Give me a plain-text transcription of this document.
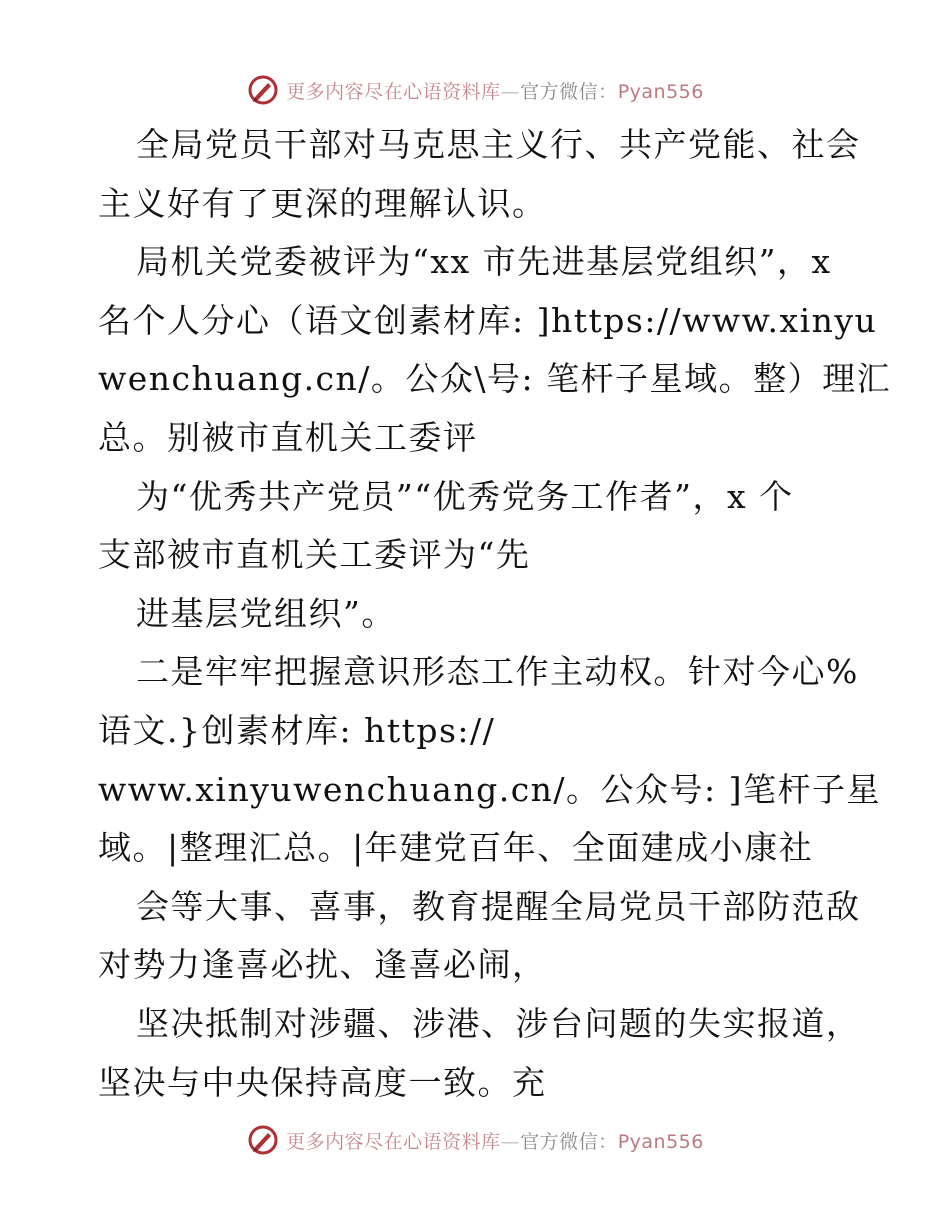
更多内容尽在心语资料库—官方微信：Pyan556
全局党员干部对马克思主义行、共产党能、社会
主义好有了更深的理解认识。
局机关党委被评为“xx 市先进基层党组织”，x
名个人分心（语文创素材库: ]https://www.xinyu
wenchuang.cn/。公众\号: 笔杆子星域。整）理汇
总。别被市直机关工委评
为“优秀共产党员”“优秀党务工作者”，x 个
支部被市直机关工委评为“先
进基层党组织”。
二是牢牢把握意识形态工作主动权。针对今心%
语文.}创素材库: https://
www.xinyuwenchuang.cn/。公众号: ]笔杆子星
域。|整理汇总。|年建党百年、全面建成小康社
会等大事、喜事，教育提醒全局党员干部防范敌
对势力逢喜必扰、逢喜必闹，
坚决抵制对涉疆、涉港、涉台问题的失实报道，
坚决与中央保持高度一致。充
更多内容尽在心语资料库—官方微信：Pyan556
